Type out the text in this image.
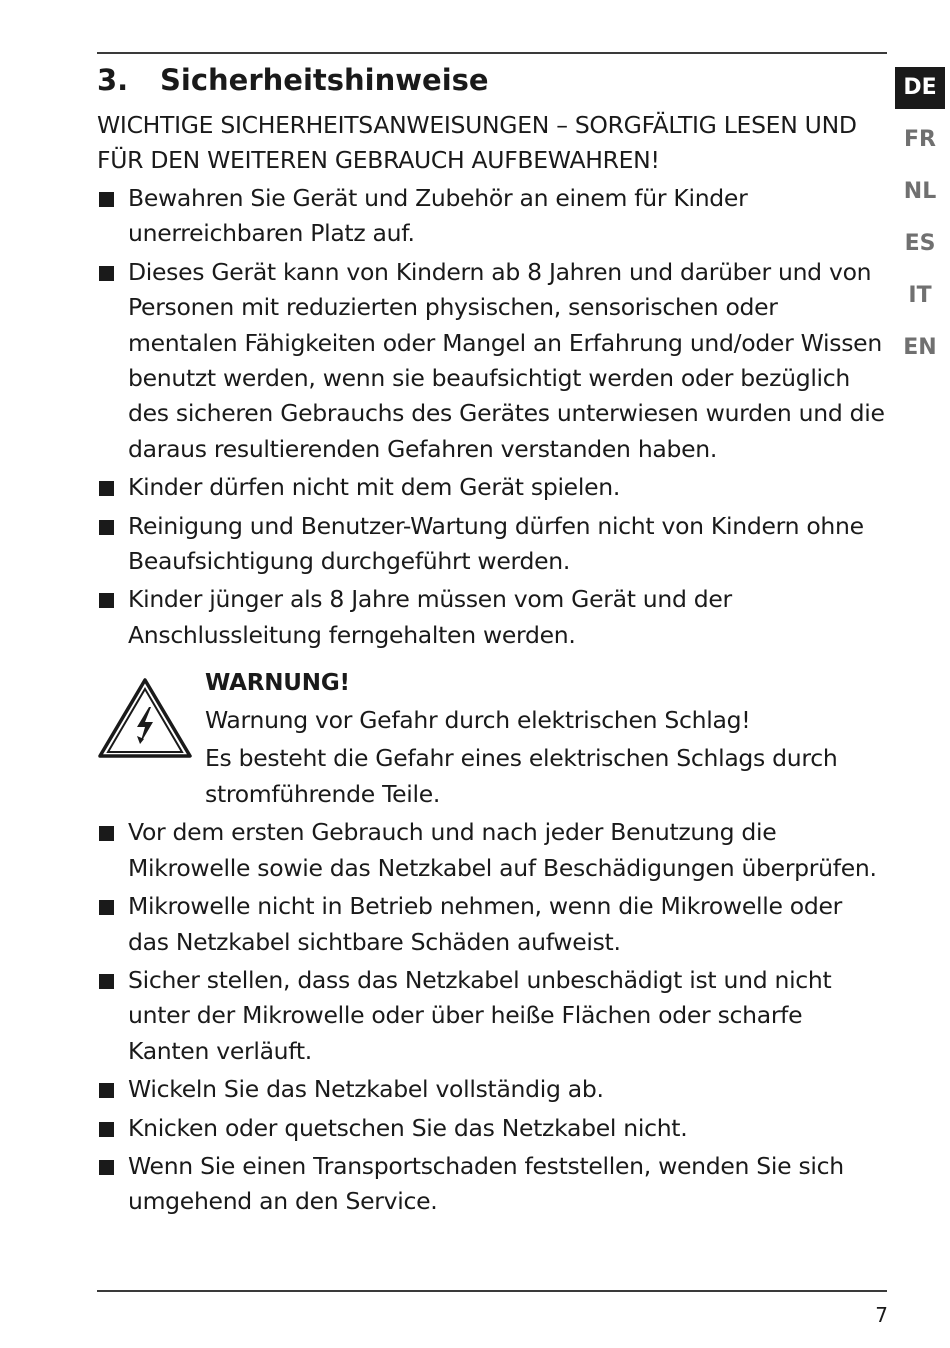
3. Sicherheitshinweise

WICHTIGE SICHERHEITSANWEISUNGEN – SORGFÄLTIG LESEN UND FÜR DEN WEITEREN GEBRAUCH AUFBEWAHREN!

Bewahren Sie Gerät und Zubehör an einem für Kinder unerreichbaren Platz auf.
Dieses Gerät kann von Kindern ab 8 Jahren und darüber und von Personen mit reduzierten physischen, sensorischen oder mentalen Fähigkeiten oder Mangel an Erfahrung und/oder Wissen benutzt werden, wenn sie beaufsichtigt werden oder bezüglich des sicheren Gebrauchs des Gerätes unterwiesen wurden und die daraus resultierenden Gefahren verstanden haben.
Kinder dürfen nicht mit dem Gerät spielen.
Reinigung und Benutzer-Wartung dürfen nicht von Kindern ohne Beaufsichtigung durchgeführt werden.
Kinder jünger als 8 Jahre müssen vom Gerät und der Anschlussleitung ferngehalten werden.
WARNUNG!
Warnung vor Gefahr durch elektrischen Schlag!
Es besteht die Gefahr eines elektrischen Schlags durch stromführende Teile.
Vor dem ersten Gebrauch und nach jeder Benutzung die Mikrowelle sowie das Netzkabel auf Beschädigungen überprüfen.
Mikrowelle nicht in Betrieb nehmen, wenn die Mikrowelle oder das Netzkabel sichtbare Schäden aufweist.
Sicher stellen, dass das Netzkabel unbeschädigt ist und nicht unter der Mikrowelle oder über heiße Flächen oder scharfe Kanten verläuft.
Wickeln Sie das Netzkabel vollständig ab.
Knicken oder quetschen Sie das Netzkabel nicht.
Wenn Sie einen Transportschaden feststellen, wenden Sie sich umgehend an den Service.
DE
FR
NL
ES
IT
EN
7
